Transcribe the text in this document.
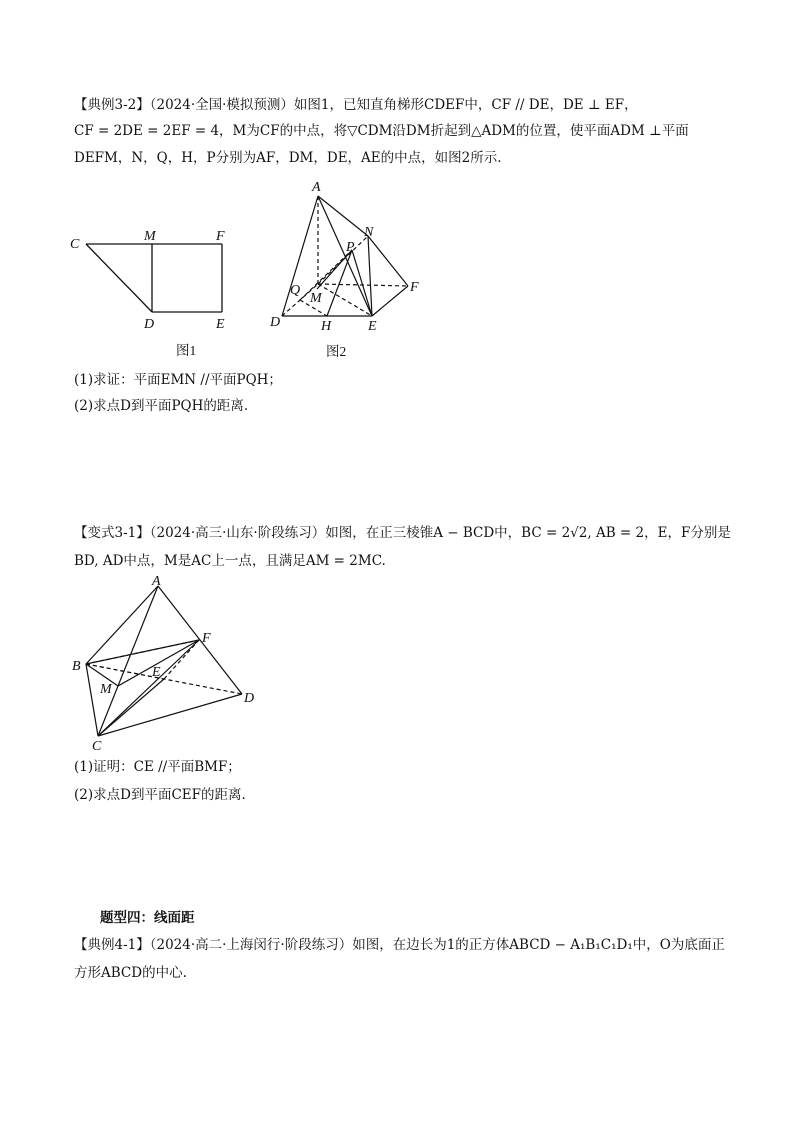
【典例3-2】（2024·全国·模拟预测）如图1，已知直角梯形CDEF中，CF // DE，DE ⊥ EF，
CF = 2DE = 2EF = 4，M为CF的中点，将▽CDM沿DM折起到△ADM的位置，使平面ADM ⊥平面
DEFM，N，Q，H，P分别为AF，DM，DE，AE的中点，如图2所示.
C
M	F
D	E
图1
A
N
P
F
Q
M
D	H	E
图2
(1)求证：平面EMN //平面PQH；
(2)求点D到平面PQH的距离.
【变式3-1】（2024·高三·山东·阶段练习）如图，在正三棱锥A − BCD中，BC = 2√2, AB = 2，E，F分别是
BD, AD中点，M是AC上一点，且满足AM = 2MC.
A
F
B
M
E
D
C
(1)证明：CE //平面BMF；
(2)求点D到平面CEF的距离.
题型四：线面距
【典例4-1】（2024·高二·上海闵行·阶段练习）如图，在边长为1的正方体ABCD − A₁B₁C₁D₁中，O为底面正
方形ABCD的中心.
